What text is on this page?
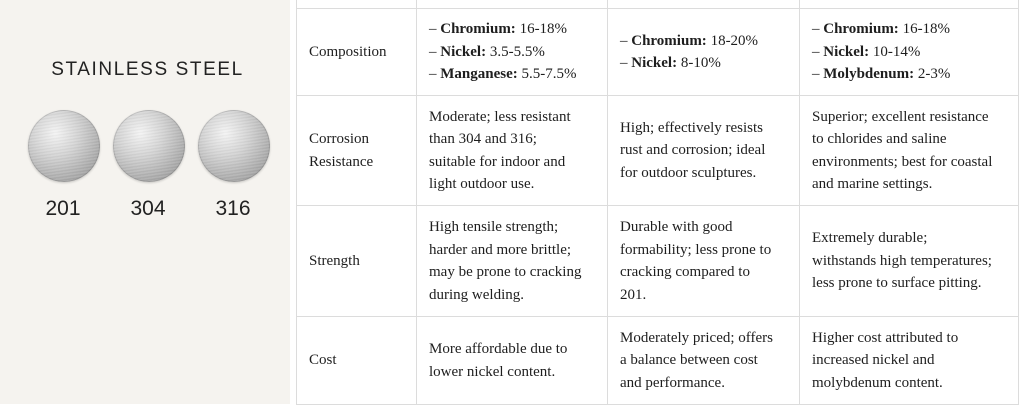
STAINLESS STEEL
201	304	316

Composition	– Chromium: 16-18%
– Nickel: 3.5-5.5%
– Manganese: 5.5-7.5%	– Chromium: 18-20%
– Nickel: 8-10%	– Chromium: 16-18%
– Nickel: 10-14%
– Molybdenum: 2-3%

Corrosion
Resistance	Moderate; less resistant
than 304 and 316;
suitable for indoor and
light outdoor use.	High; effectively resists
rust and corrosion; ideal
for outdoor sculptures.	Superior; excellent resistance
to chlorides and saline
environments; best for coastal
and marine settings.

Strength	High tensile strength;
harder and more brittle;
may be prone to cracking
during welding.	Durable with good
formability; less prone to
cracking compared to
201.	Extremely durable;
withstands high temperatures;
less prone to surface pitting.

Cost	More affordable due to
lower nickel content.	Moderately priced; offers
a balance between cost
and performance.	Higher cost attributed to
increased nickel and
molybdenum content.
